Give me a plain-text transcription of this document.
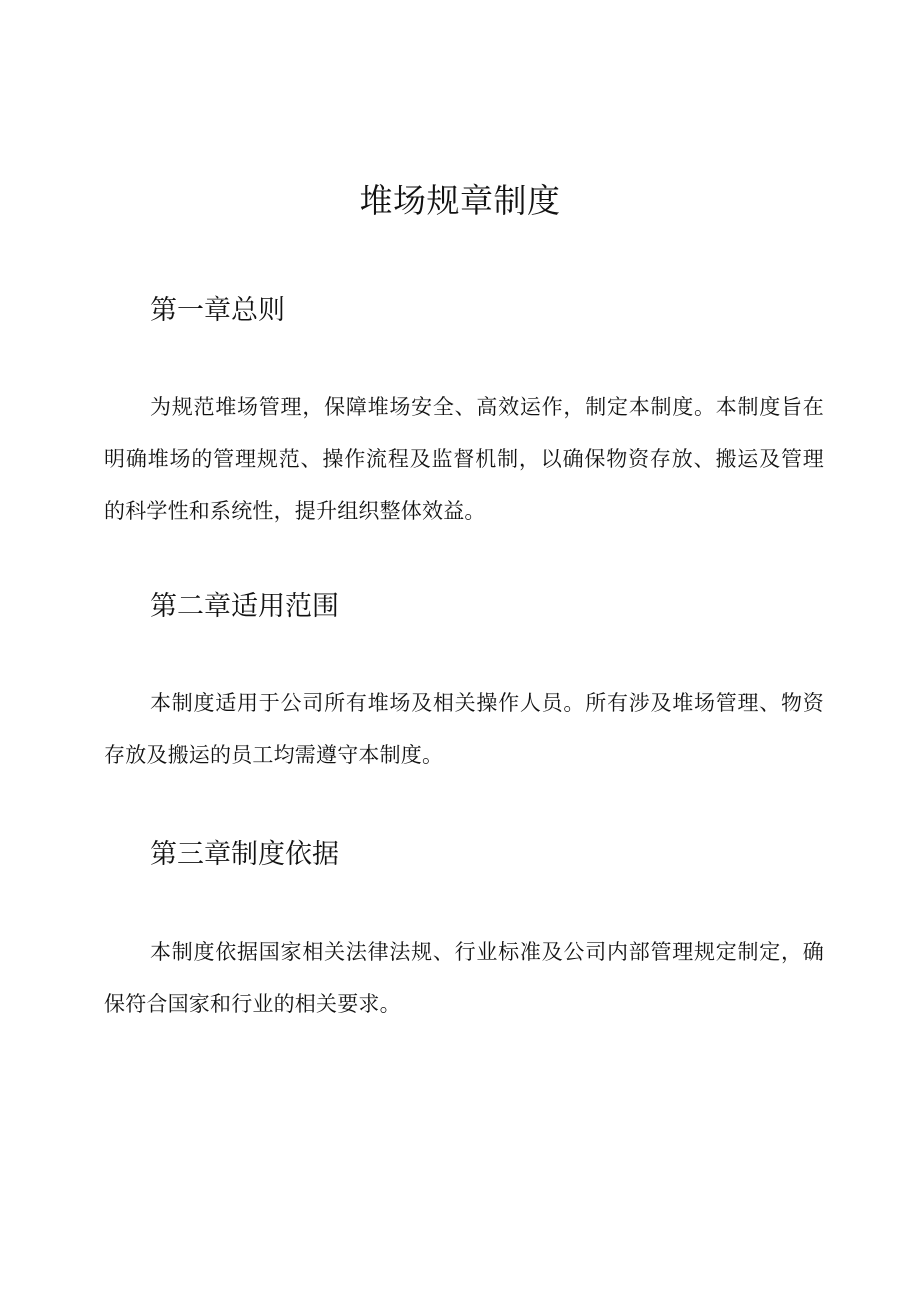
堆场规章制度
第一章总则

为规范堆场管理，保障堆场安全、高效运作，制定本制度。本制度旨在明确堆场的管理规范、操作流程及监督机制，以确保物资存放、搬运及管理的科学性和系统性，提升组织整体效益。

第二章适用范围

本制度适用于公司所有堆场及相关操作人员。所有涉及堆场管理、物资存放及搬运的员工均需遵守本制度。

第三章制度依据

本制度依据国家相关法律法规、行业标准及公司内部管理规定制定，确保符合国家和行业的相关要求。
